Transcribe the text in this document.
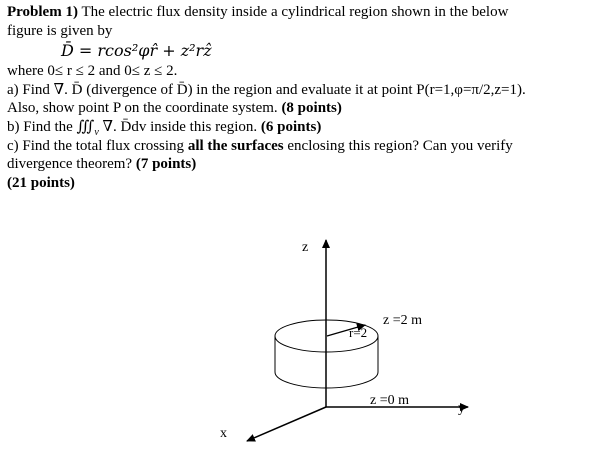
Problem 1) The electric flux density inside a cylindrical region shown in the below
figure is given by
D̄ = rcos²φr̂ + z²rẑ
where 0≤ r ≤ 2 and 0≤ z ≤ 2.
a) Find ∇. D̄ (divergence of D̄) in the region and evaluate it at point P(r=1,φ=π/2,z=1).
Also, show point P on the coordinate system. (8 points)
b) Find the $∭_v$ ∇. D̄dv inside this region. (6 points)
c) Find the total flux crossing all the surfaces enclosing this region? Can you verify
divergence theorem? (7 points)
(21 points)
z
y
x
r=2
z =2 m
z =0 m
